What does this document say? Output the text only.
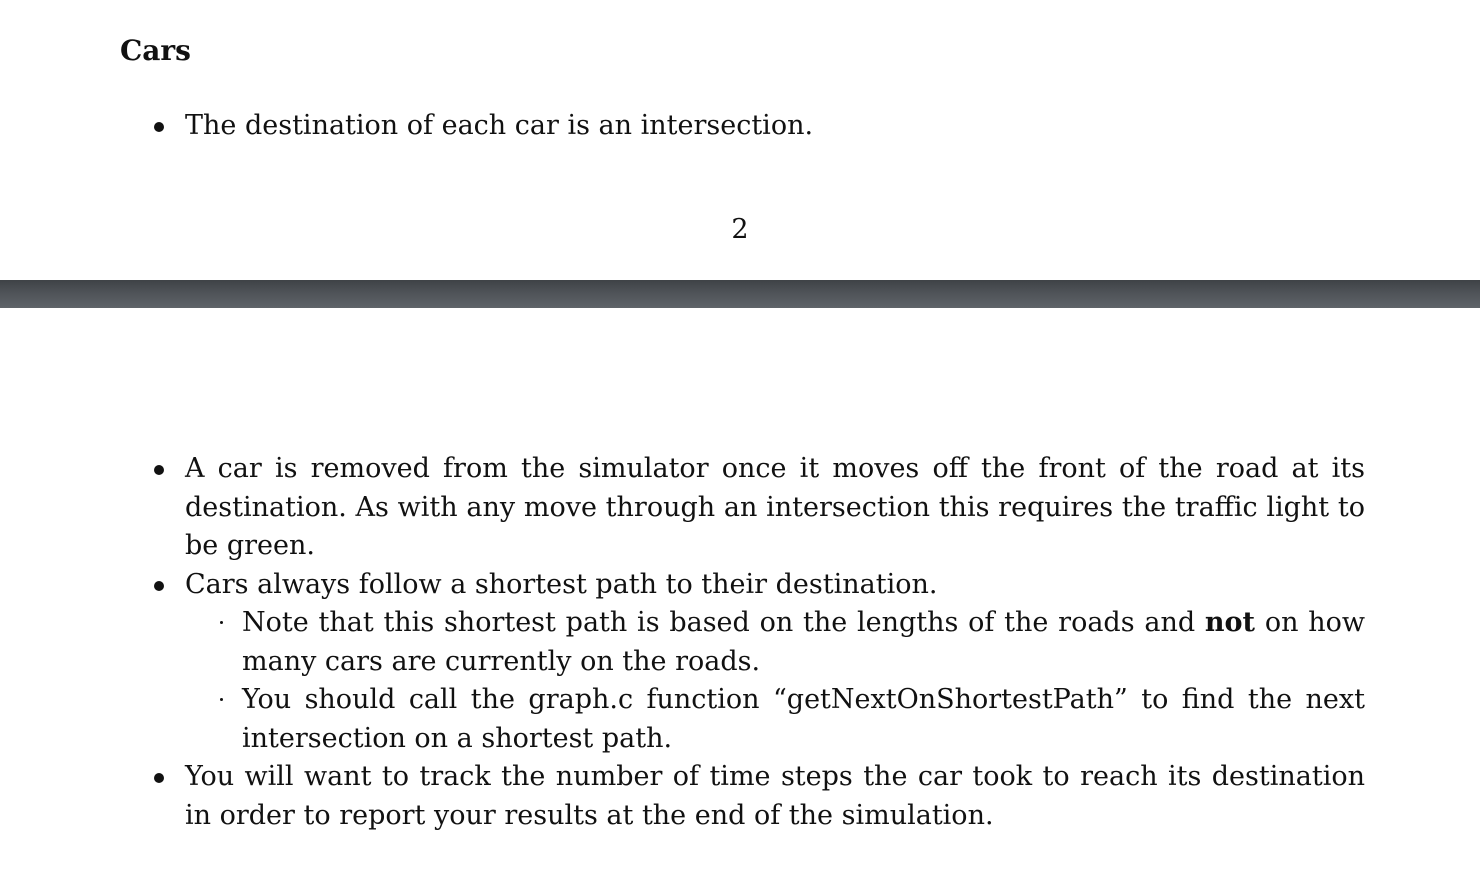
Cars
The destination of each car is an intersection.
2
A car is removed from the simulator once it moves off the front of the road at its
destination. As with any move through an intersection this requires the traffic light to
be green.
Cars always follow a shortest path to their destination.
Note that this shortest path is based on the lengths of the roads and not on how
many cars are currently on the roads.
You should call the graph.c function “getNextOnShortestPath” to find the next
intersection on a shortest path.
You will want to track the number of time steps the car took to reach its destination
in order to report your results at the end of the simulation.
